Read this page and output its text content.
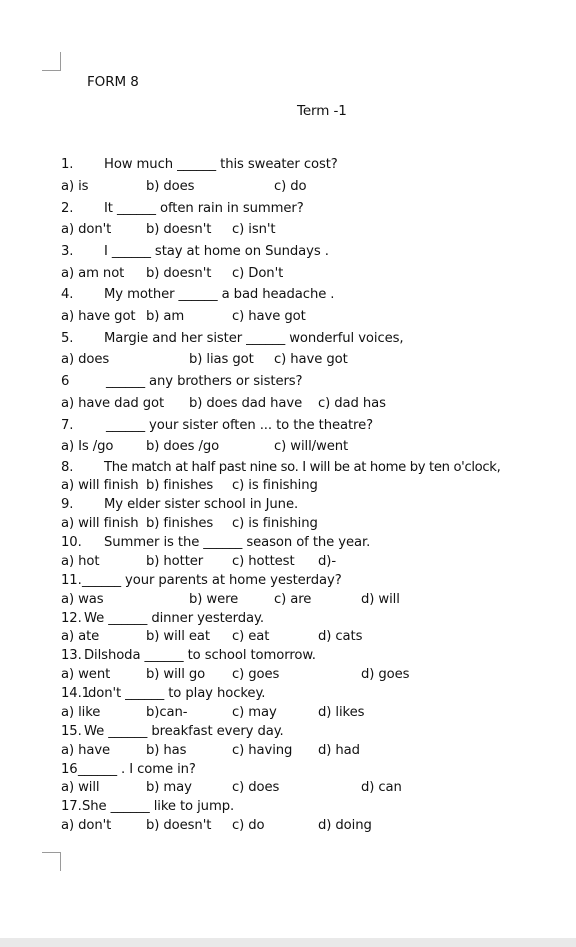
FORM 8
Term -1
1. How much ______ this sweater cost?
a) is	b) does	c) do
2. It ______ often rain in summer?
a) don't	b) doesn't c) isn't
3. I ______ stay at home on Sundays .
a) am not b) doesn't c) Don't
4. My mother ______ a bad headache .
a) have got b) am	c) have got
5. Margie and her sister ______ wonderful voices,
a) does	b) lias got c) have got
6	______ any brothers or sisters?
a) have dad got b) does dad have c) dad has
7. ______ your sister often ... to the theatre?
a) Is /go b) does /go	c) will/went
8. The match at half past nine so. I will be at home by ten o'clock,
a) will finish b) finishes c) is finishing
9. My elder sister school in June.
a) will finish b) finishes c) is finishing
10. Summer is the ______ season of the year.
a) hot	b) hotter c) hottest d)-
11. ______ your parents at home yesterday?
a) was	b) were	c) are	d) will
12. We ______ dinner yesterday.
a) ate	b) will eat c) eat	d) cats
13. Dilshoda ______ to school tomorrow.
a) went	b) will go c) goes	d) goes
14.1
don't ______ to play hockey.
a) like	b)can-	c) may	d) likes
15. We ______ breakfast every day.
a) have	b) has	c) having d) had
16 ______ . I come in?
a) will	b) may	c) does	d) can
17. She ______ like to jump.
a) don't	b) doesn't c) do	d) doing
